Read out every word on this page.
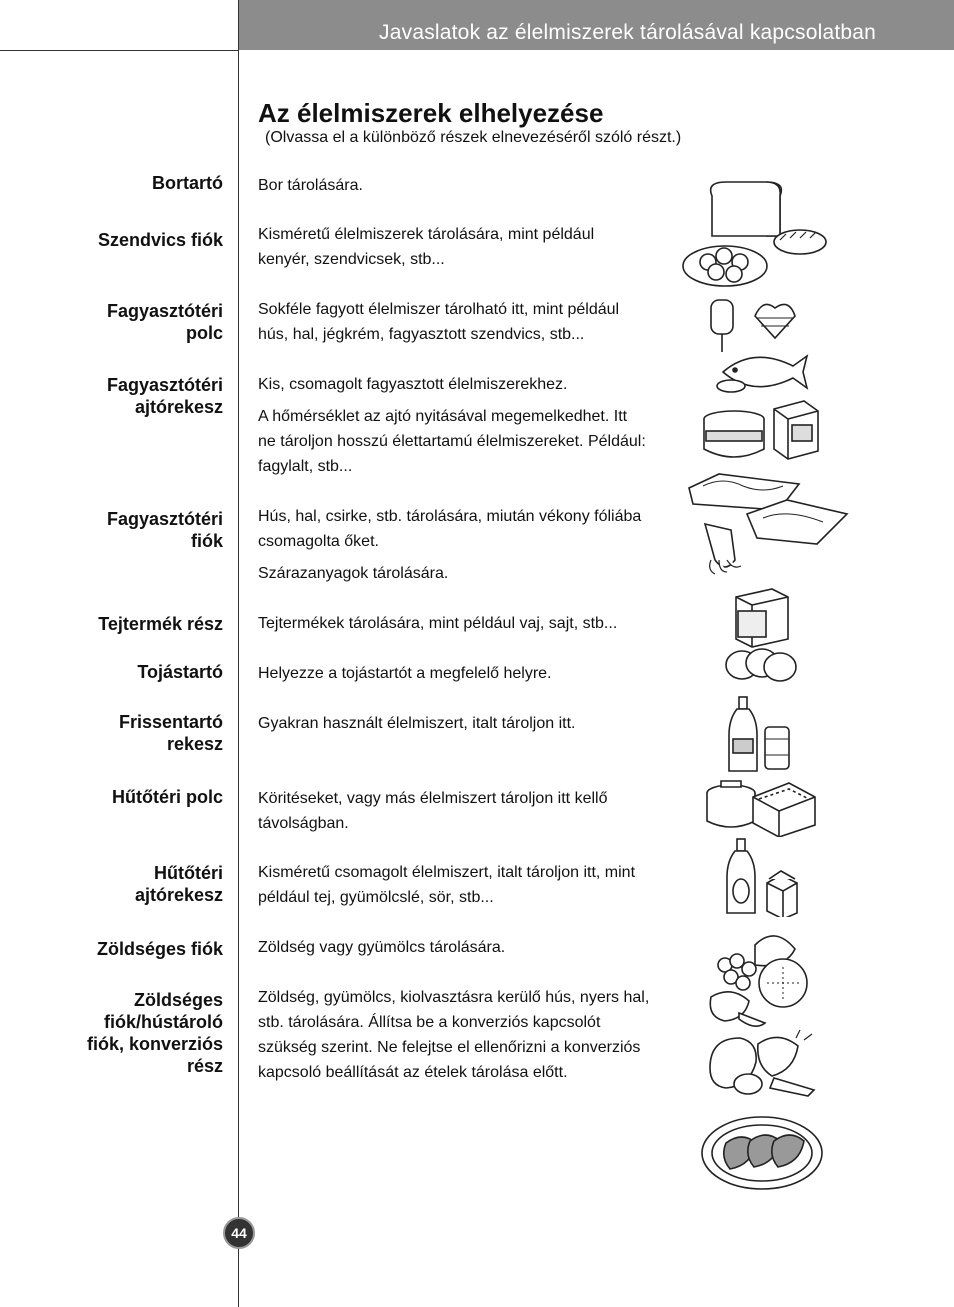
Javaslatok az élelmiszerek tárolásával kapcsolatban
Az élelmiszerek elhelyezése
(Olvassa el a különböző részek elnevezéséről szóló részt.)
Bortartó
Szendvics fiók
Fagyasztótéri polc
Fagyasztótéri ajtórekesz
Fagyasztótéri fiók
Tejtermék rész
Tojástartó
Frissentartó rekesz
Hűtőtéri polc
Hűtőtéri ajtórekesz
Zöldséges fiók
Zöldséges fiók/hústároló fiók, konverziós rész
Bor tárolására.
Kisméretű élelmiszerek tárolására, mint például kenyér, szendvicsek, stb...
Sokféle fagyott élelmiszer tárolható itt, mint például hús, hal, jégkrém, fagyasztott szendvics, stb...
Kis, csomagolt fagyasztott élelmiszerekhez.
A hőmérséklet az ajtó nyitásával megemelkedhet. Itt ne tároljon hosszú élettartamú élelmiszereket. Például: fagylalt, stb...
Hús, hal, csirke, stb. tárolására, miután vékony fóliába csomagolta őket.
Szárazanyagok tárolására.
Tejtermékek tárolására, mint például vaj, sajt, stb...
Helyezze a tojástartót a megfelelő helyre.
Gyakran használt élelmiszert, italt tároljon itt.
Köritéseket, vagy más élelmiszert tároljon itt kellő távolságban.
Kisméretű csomagolt élelmiszert, italt tároljon itt, mint például tej, gyümölcslé, sör, stb...
Zöldség vagy gyümölcs tárolására.
Zöldség, gyümölcs, kiolvasztásra kerülő hús, nyers hal, stb. tárolására. Állítsa be a konverziós kapcsolót szükség szerint. Ne felejtse el ellenőrizni a konverziós kapcsoló beállítását az ételek tárolása előtt.
44
